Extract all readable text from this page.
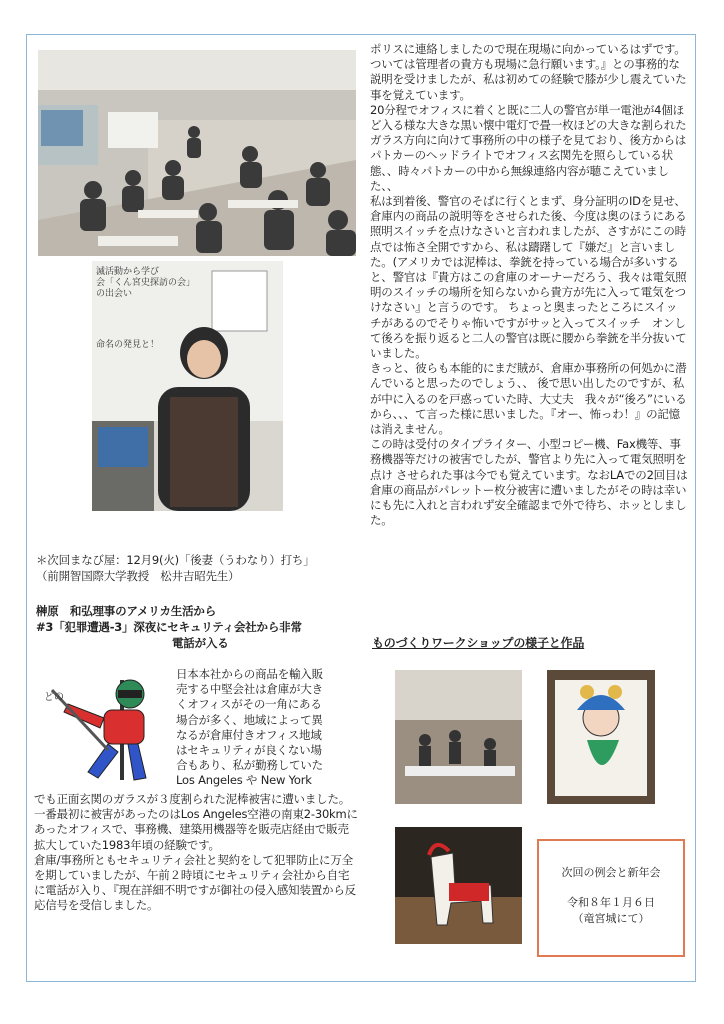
滅活動から学び
会「くん宮史探訪の会」
の出会い
命名の発見と！
＊次回まなび屋：12月9(火)「後妻（うわなり）打ち」
（前開智国際大学教授　松井吉昭先生）
榊原　和弘理事のアメリカ生活から
#3「犯罪遭遇-3」深夜にセキュリティ会社から非常
電話が入る
どの
日本本社からの商品を輸入販
売する中堅会社は倉庫が大き
くオフィスがその一角にある
場合が多く、地域によって異
なるが倉庫付きオフィス地域
はセキュリティが良くない場
合もあり、私が勤務していた
Los Angeles や New York

でも正面玄関のガラスが３度割られた泥棒被害に遭いました。

一番最初に被害があったのはLos Angeles空港の南東2-30kmにあったオフィスで、事務機、建築用機器等を販売店経由で販売拡大していた1983年頃の経験です。

倉庫/事務所ともセキュリティ会社と契約をして犯罪防止に万全を期していましたが、午前２時頃にセキュリティ会社から自宅に電話が入り、『現在詳細不明ですが御社の侵入感知装置から反応信号を受信しました。

ポリスに連絡しましたので現在現場に向かっているはずです。

ついては管理者の貴方も現場に急行願います。』との事務的な説明を受けましたが、私は初めての経験で膝が少し震えていた事を覚えています。

20分程でオフィスに着くと既に二人の警官が単一電池が4個ほど入る様な大きな黒い懐中電灯で畳一枚ほどの大きな割られたガラス方向に向けて事務所の中の様子を見ており、後方からはパトカーのヘッドライトでオフィス玄関先を照らしている状態、、時々パトカーの中から無線連絡内容が聴こえていました、、

私は到着後、警官のそばに行くとまず、身分証明のIDを見せ、倉庫内の商品の説明等をさせられた後、今度は奥のほうにある照明スイッチを点けなさいと言われましたが、さすがにこの時点では怖さ全開ですから、私は躊躇して『嫌だ』と言いました。(アメリカでは泥棒は、拳銃を持っている場合が多いすると、警官は『貴方はこの倉庫のオーナーだろう、我々は電気照明のスイッチの場所を知らないから貴方が先に入って電気をつけなさい』と言うのです。 ちょっと奥まったところにスイッチがあるのでそりゃ怖いですがサッと入ってスイッチ　オンして後ろを振り返ると二人の警官は既に腰から拳銃を半分抜いていました。

きっと、彼らも本能的にまだ賊が、倉庫か事務所の何処かに潜んでいると思ったのでしょう、、 後で思い出したのですが、私が中に入るのを戸惑っていた時、大丈夫　我々が“後ろ”にいるから、、、て言った様に思いました。『オー、怖っわ！』の記憶は消えません。

この時は受付のタイプライター、小型コピー機、Fax機等、事務機器等だけの被害でしたが、警官より先に入って電気照明を点け させられた事は今でも覚えています。なおLAでの2回目は倉庫の商品がパレットー枚分被害に遭いましたがその時は幸いにも先に入れと言われず安全確認まで外で待ち、ホッとしました。

ものづくりワークショップの様子と作品
次回の例会と新年会
令和８年１月６日
（竜宮城にて）
